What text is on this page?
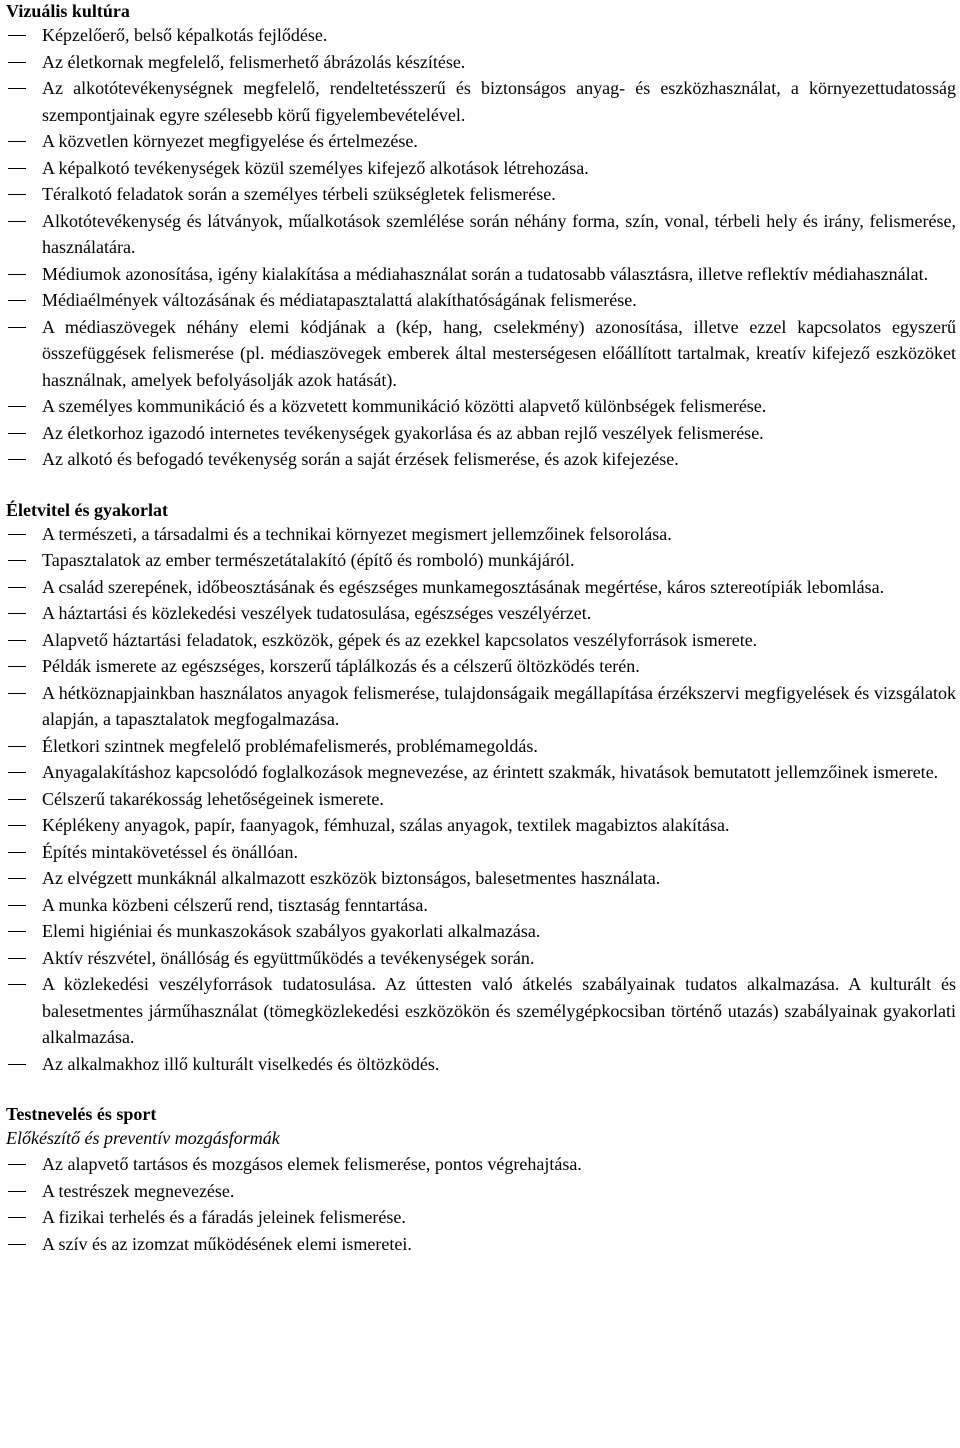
Vizuális kultúra
Képzelőerő, belső képalkotás fejlődése.
Az életkornak megfelelő, felismerhető ábrázolás készítése.
Az alkotótevékenységnek megfelelő, rendeltetésszerű és biztonságos anyag- és eszközhasználat, a környezettudatosság szempontjainak egyre szélesebb körű figyelembevételével.
A közvetlen környezet megfigyelése és értelmezése.
A képalkotó tevékenységek közül személyes kifejező alkotások létrehozása.
Téralkotó feladatok során a személyes térbeli szükségletek felismerése.
Alkotótevékenység és látványok, műalkotások szemlélése során néhány forma, szín, vonal, térbeli hely és irány, felismerése, használatára.
Médiumok azonosítása, igény kialakítása a médiahasználat során a tudatosabb választásra, illetve reflektív médiahasználat.
Médiaélmények változásának és médiatapasztalattá alakíthatóságának felismerése.
A médiaszövegek néhány elemi kódjának a (kép, hang, cselekmény) azonosítása, illetve ezzel kapcsolatos egyszerű összefüggések felismerése (pl. médiaszövegek emberek által mesterségesen előállított tartalmak, kreatív kifejező eszközöket használnak, amelyek befolyásolják azok hatását).
A személyes kommunikáció és a közvetett kommunikáció közötti alapvető különbségek felismerése.
Az életkorhoz igazodó internetes tevékenységek gyakorlása és az abban rejlő veszélyek felismerése.
Az alkotó és befogadó tevékenység során a saját érzések felismerése, és azok kifejezése.
Életvitel és gyakorlat
A természeti, a társadalmi és a technikai környezet megismert jellemzőinek felsorolása.
Tapasztalatok az ember természetátalakító (építő és romboló) munkájáról.
A család szerepének, időbeosztásának és egészséges munkamegosztásának megértése, káros sztereotípiák lebomlása.
A háztartási és közlekedési veszélyek tudatosulása, egészséges veszélyérzet.
Alapvető háztartási feladatok, eszközök, gépek és az ezekkel kapcsolatos veszélyforrások ismerete.
Példák ismerete az egészséges, korszerű táplálkozás és a célszerű öltözködés terén.
A hétköznapjainkban használatos anyagok felismerése, tulajdonságaik megállapítása érzékszervi megfigyelések és vizsgálatok alapján, a tapasztalatok megfogalmazása.
Életkori szintnek megfelelő problémafelismerés, problémamegoldás.
Anyagalakításhoz kapcsolódó foglalkozások megnevezése, az érintett szakmák, hivatások bemutatott jellemzőinek ismerete.
Célszerű takarékosság lehetőségeinek ismerete.
Képlékeny anyagok, papír, faanyagok, fémhuzal, szálas anyagok, textilek magabiztos alakítása.
Építés mintakövetéssel és önállóan.
Az elvégzett munkáknál alkalmazott eszközök biztonságos, balesetmentes használata.
A munka közbeni célszerű rend, tisztaság fenntartása.
Elemi higiéniai és munkaszokások szabályos gyakorlati alkalmazása.
Aktív részvétel, önállóság és együttműködés a tevékenységek során.
A közlekedési veszélyforrások tudatosulása. Az úttesten való átkelés szabályainak tudatos alkalmazása. A kulturált és balesetmentes járműhasználat (tömegközlekedési eszközökön és személygépkocsiban történő utazás) szabályainak gyakorlati alkalmazása.
Az alkalmakhoz illő kulturált viselkedés és öltözködés.
Testnevelés és sport
Előkészítő és preventív mozgásformák
Az alapvető tartásos és mozgásos elemek felismerése, pontos végrehajtása.
A testrészek megnevezése.
A fizikai terhelés és a fáradás jeleinek felismerése.
A szív és az izomzat működésének elemi ismeretei.
